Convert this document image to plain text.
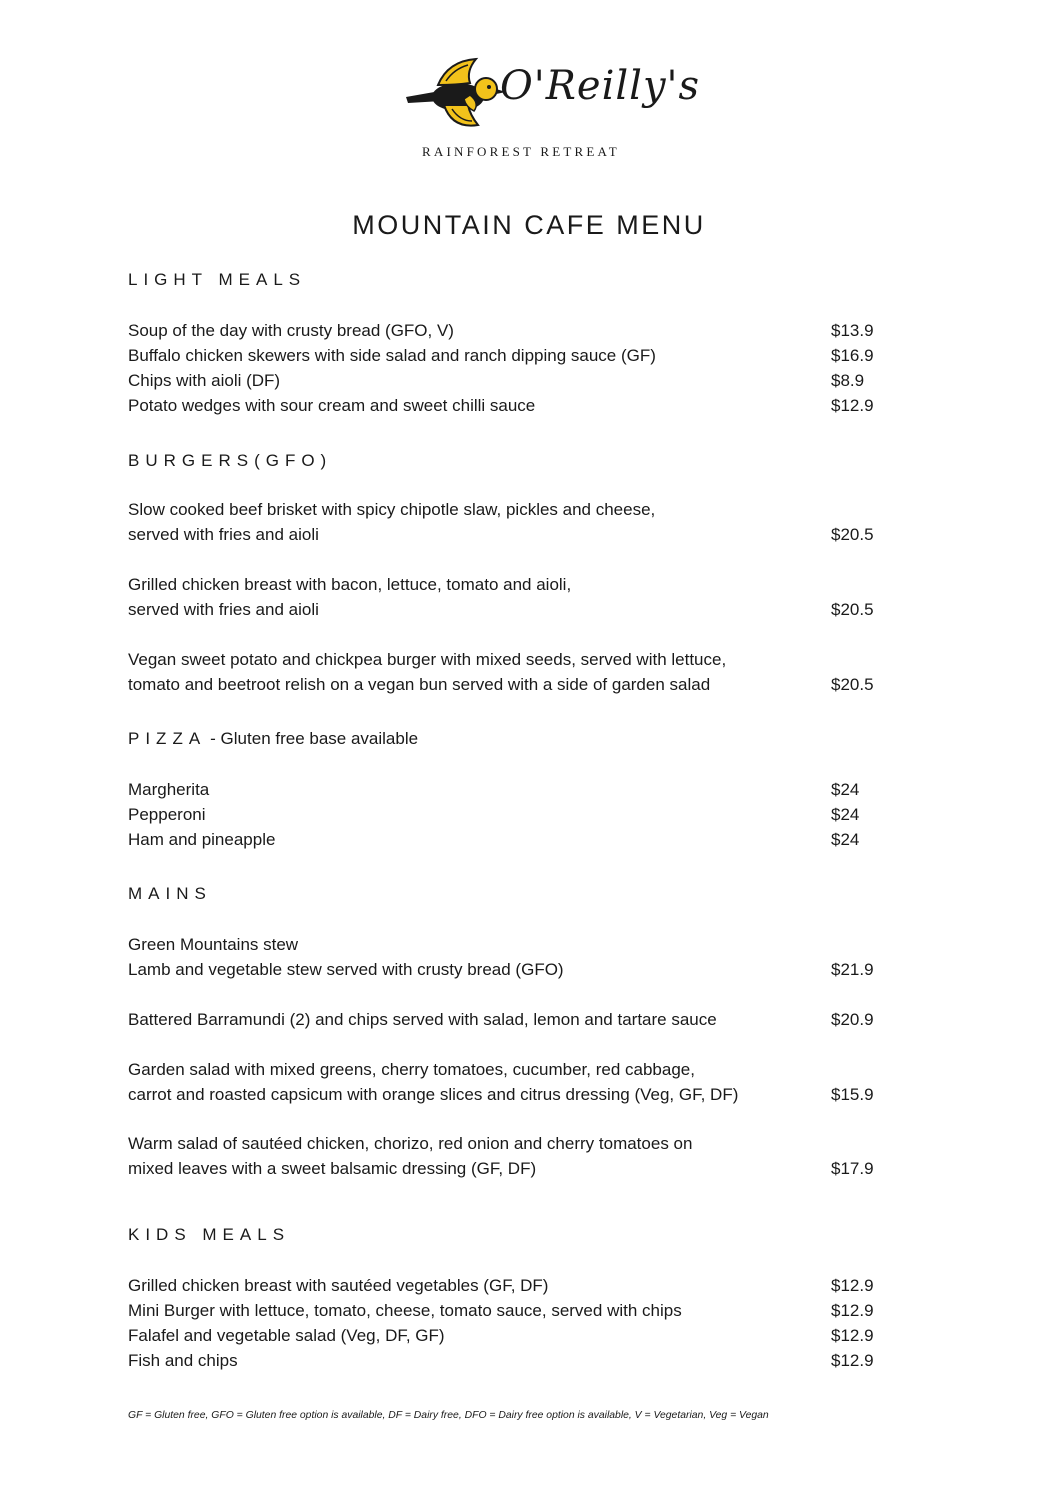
O'Reilly's
RAINFOREST RETREAT
MOUNTAIN CAFE MENU
LIGHT MEALS
Soup of the day with crusty bread (GFO, V)	$13.9
Buffalo chicken skewers with side salad and ranch dipping sauce (GF)	$16.9
Chips with aioli (DF)	$8.9
Potato wedges with sour cream and sweet chilli sauce	$12.9
BURGERS(GFO)
Slow cooked beef brisket with spicy chipotle slaw, pickles and cheese,
served with fries and aioli	$20.5
Grilled chicken breast with bacon, lettuce, tomato and aioli,
served with fries and aioli	$20.5
Vegan sweet potato and chickpea burger with mixed seeds, served with lettuce,
tomato and beetroot relish on a vegan bun served with a side of garden salad	$20.5
PIZZA - Gluten free base available
Margherita	$24
Pepperoni	$24
Ham and pineapple	$24
MAINS
Green Mountains stew
Lamb and vegetable stew served with crusty bread (GFO)	$21.9
Battered Barramundi (2) and chips served with salad, lemon and tartare sauce	$20.9
Garden salad with mixed greens, cherry tomatoes, cucumber, red cabbage,
carrot and roasted capsicum with orange slices and citrus dressing (Veg, GF, DF)	$15.9
Warm salad of sautéed chicken, chorizo, red onion and cherry tomatoes on
mixed leaves with a sweet balsamic dressing (GF, DF)	$17.9
KIDS MEALS
Grilled chicken breast with sautéed vegetables (GF, DF)	$12.9
Mini Burger with lettuce, tomato, cheese, tomato sauce, served with chips	$12.9
Falafel and vegetable salad (Veg, DF, GF)	$12.9
Fish and chips	$12.9
GF = Gluten free, GFO = Gluten free option is available, DF = Dairy free, DFO = Dairy free option is available, V = Vegetarian, Veg = Vegan
